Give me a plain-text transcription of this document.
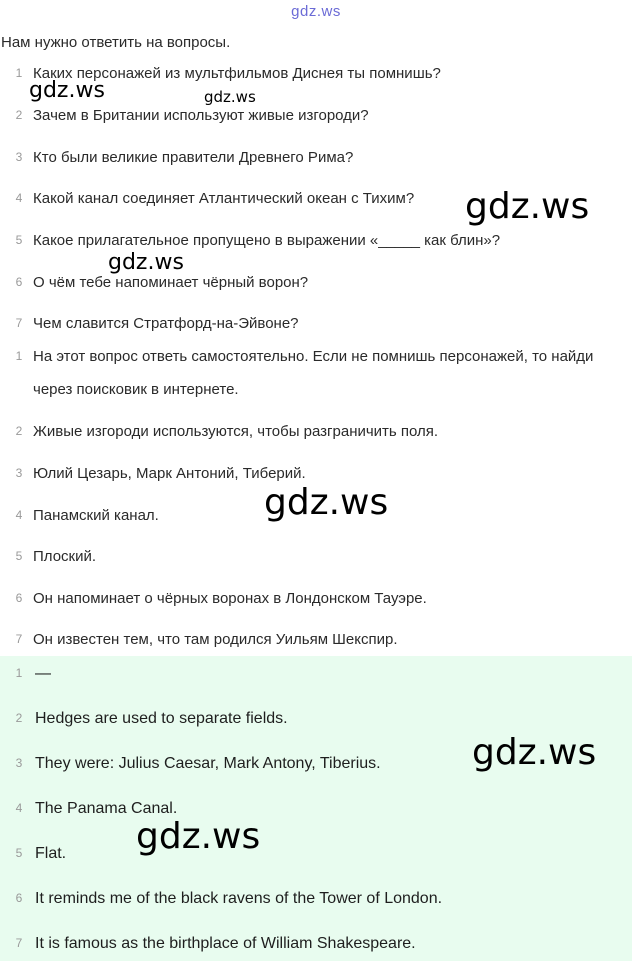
gdz.ws
Нам нужно ответить на вопросы.
1 Каких персонажей из мультфильмов Диснея ты помнишь?
2 Зачем в Британии используют живые изгороди?
3 Кто были великие правители Древнего Рима?
4 Какой канал соединяет Атлантический океан с Тихим?
5 Какое прилагательное пропущено в выражении «_____ как блин»?
6 О чём тебе напоминает чёрный ворон?
7 Чем славится Стратфорд-на-Эйвоне?
1 На этот вопрос ответь самостоятельно. Если не помнишь персонажей, то найди через поисковик в интернете.
2 Живые изгороди используются, чтобы разграничить поля.
3 Юлий Цезарь, Марк Антоний, Тиберий.
4 Панамский канал.
5 Плоский.
6 Он напоминает о чёрных воронах в Лондонском Тауэре.
7 Он известен тем, что там родился Уильям Шекспир.
1 —
2 Hedges are used to separate fields.
3 They were: Julius Caesar, Mark Antony, Tiberius.
4 The Panama Canal.
5 Flat.
6 It reminds me of the black ravens of the Tower of London.
7 It is famous as the birthplace of William Shakespeare.
gdz.ws	gdz.ws
gdz.ws
gdz.ws
gdz.ws
gdz.ws
gdz.ws
